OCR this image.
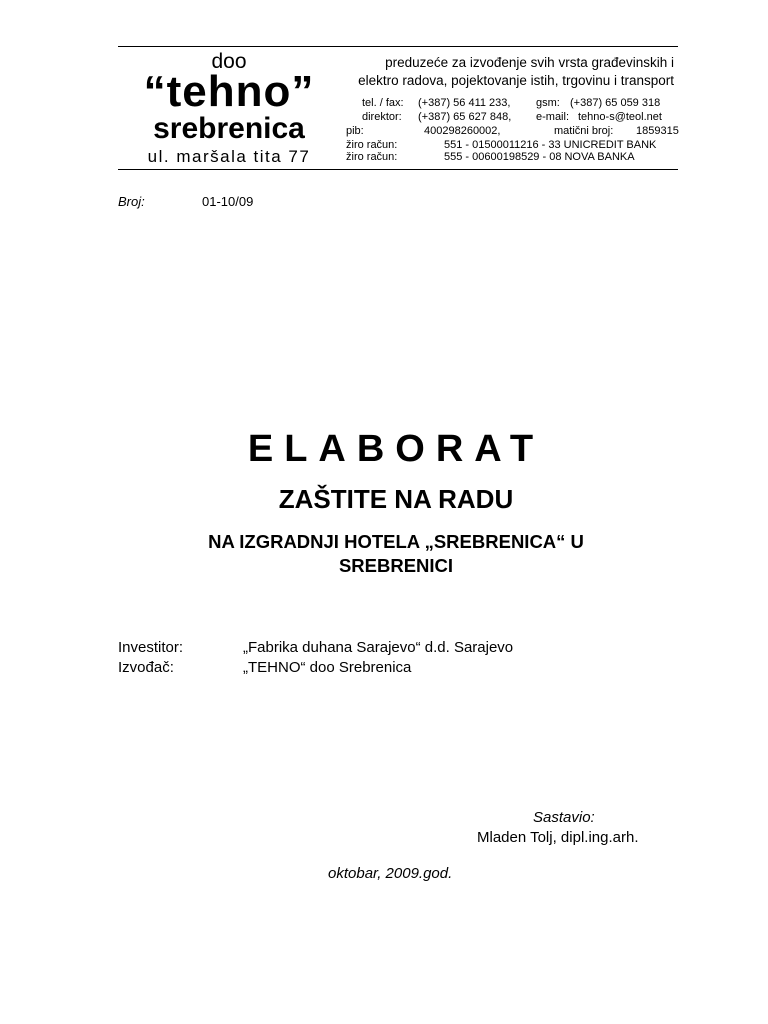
doo
“tehno”
srebrenica
ul. maršala tita 77
preduzeće za izvođenje svih vrsta građevinskih i
elektro radova, pojektovanje istih, trgovinu i transport
tel. / fax: (+387) 56 411 233, gsm: (+387) 65 059 318
direktor: (+387) 65 627 848, e-mail: tehno-s@teol.net
pib:	400298260002,	matični broj: 1859315
žiro račun:	551 - 01500011216 - 33 UNICREDIT BANK
žiro račun:	555 - 00600198529 - 08 NOVA BANKA
Broj:	01-10/09
ELABORAT
ZAŠTITE NA RADU
NA IZGRADNJI HOTELA „SREBRENICA“ U SREBRENICI
Investitor:	„Fabrika duhana Sarajevo“ d.d. Sarajevo
Izvođač:	„TEHNO“ doo Srebrenica
Sastavio:
Mladen Tolj, dipl.ing.arh.
oktobar, 2009.god.
